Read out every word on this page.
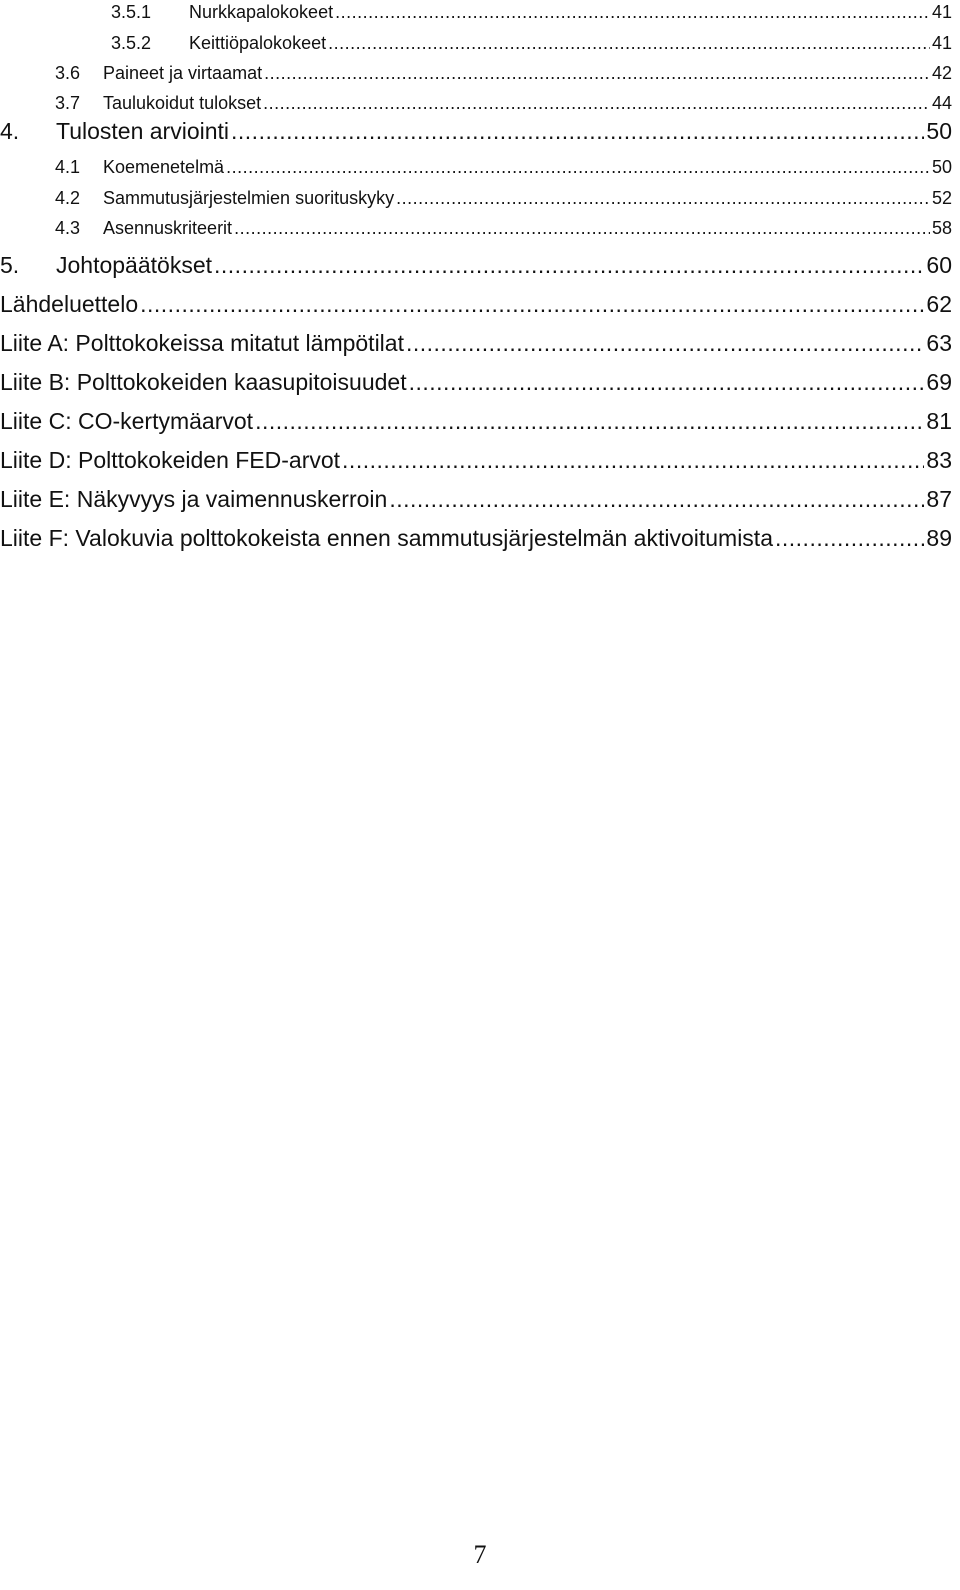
3.5.1	Nurkkapalokokeet .....	41
3.5.2	Keittiöpalokokeet .....	41
3.6	Paineet ja virtaamat .....	42
3.7	Taulukoidut tulokset .....	44
4.	Tulosten arviointi .....	50
4.1	Koemenetelmä .....	50
4.2	Sammutusjärjestelmien suorituskyky .....	52
4.3	Asennuskriteerit .....	58
5.	Johtopäätökset .....	60
Lähdeluettelo .....	62
Liite A: Polttokokeissa mitatut lämpötilat .....	63
Liite B: Polttokokeiden kaasupitoisuudet .....	69
Liite C: CO-kertymäarvot .....	81
Liite D: Polttokokeiden FED-arvot .....	83
Liite E: Näkyvyys ja vaimennuskerroin .....	87
Liite F: Valokuvia polttokokeista ennen sammutusjärjestelmän aktivoitumista .....	89
7
